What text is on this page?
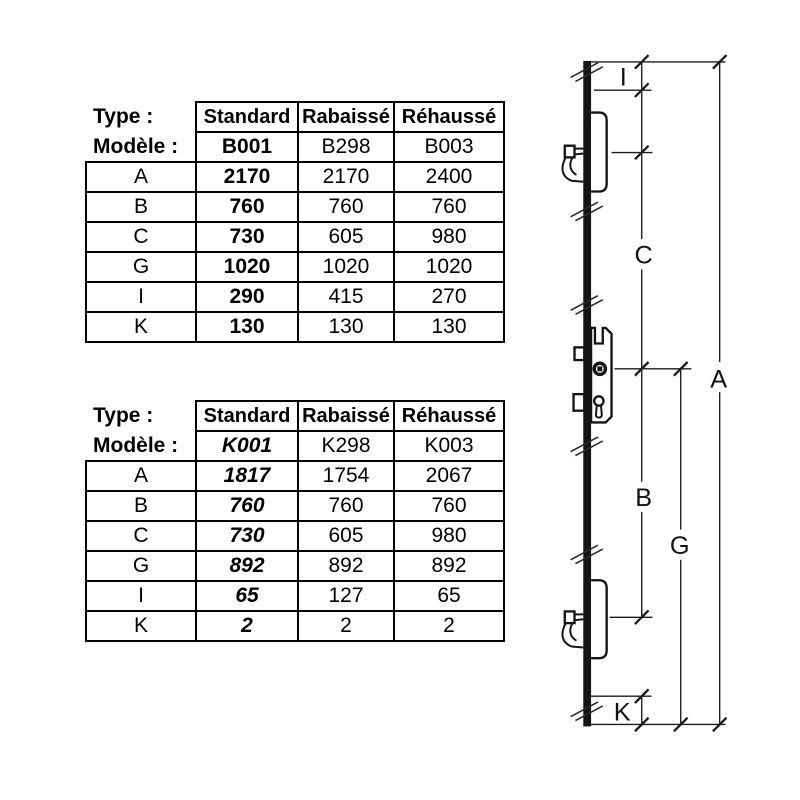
Type :	Standard	Rabaissé	Réhaussé
Modèle :	B001	B298	B003
A	2170	2170	2400
B	760	760	760
C	730	605	980
G	1020	1020	1020
I	290	415	270
K	130	130	130
Type :	Standard	Rabaissé	Réhaussé
Modèle :	K001	K298	K003
A	1817	1754	2067
B	760	760	760
C	730	605	980
G	892	892	892
I	65	127	65
K	2	2	2
I
C
A
B
G
K
